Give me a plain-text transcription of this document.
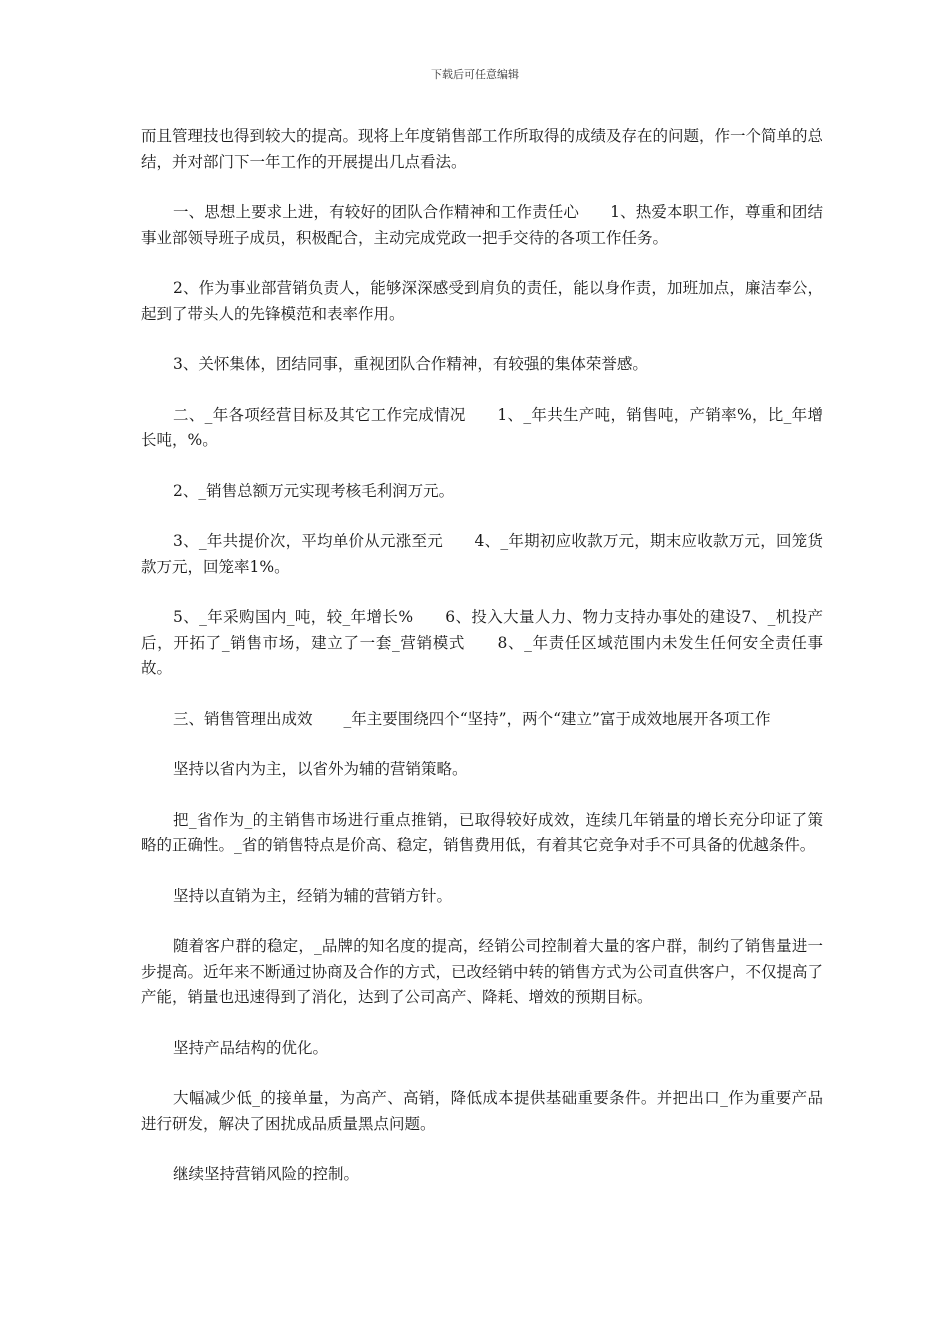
下载后可任意编辑

而且管理技也得到较大的提高。现将上年度销售部工作所取得的成绩及存在的问题，作一个简单的总结，并对部门下一年工作的开展提出几点看法。

一、思想上要求上进，有较好的团队合作精神和工作责任心　　1、热爱本职工作，尊重和团结事业部领导班子成员，积极配合，主动完成党政一把手交待的各项工作任务。

2、作为事业部营销负责人，能够深深感受到肩负的责任，能以身作责，加班加点，廉洁奉公，起到了带头人的先锋模范和表率作用。

3、关怀集体，团结同事，重视团队合作精神，有较强的集体荣誉感。

二、_年各项经营目标及其它工作完成情况　　1、_年共生产吨，销售吨，产销率%，比_年增长吨，%。

2、_销售总额万元实现考核毛利润万元。

3、_年共提价次，平均单价从元涨至元　　4、_年期初应收款万元，期末应收款万元，回笼货款万元，回笼率1%。

5、_年采购国内_吨，较_年增长%　　6、投入大量人力、物力支持办事处的建设7、_机投产后，开拓了_销售市场，建立了一套_营销模式　　8、_年责任区域范围内未发生任何安全责任事故。

三、销售管理出成效　　_年主要围绕四个“坚持”，两个“建立”富于成效地展开各项工作

坚持以省内为主，以省外为辅的营销策略。

把_省作为_的主销售市场进行重点推销，已取得较好成效，连续几年销量的增长充分印证了策略的正确性。_省的销售特点是价高、稳定，销售费用低，有着其它竞争对手不可具备的优越条件。

坚持以直销为主，经销为辅的营销方针。

随着客户群的稳定，_品牌的知名度的提高，经销公司控制着大量的客户群，制约了销售量进一步提高。近年来不断通过协商及合作的方式，已改经销中转的销售方式为公司直供客户，不仅提高了产能，销量也迅速得到了消化，达到了公司高产、降耗、增效的预期目标。

坚持产品结构的优化。

大幅减少低_的接单量，为高产、高销，降低成本提供基础重要条件。并把出口_作为重要产品进行研发，解决了困扰成品质量黑点问题。

继续坚持营销风险的控制。
